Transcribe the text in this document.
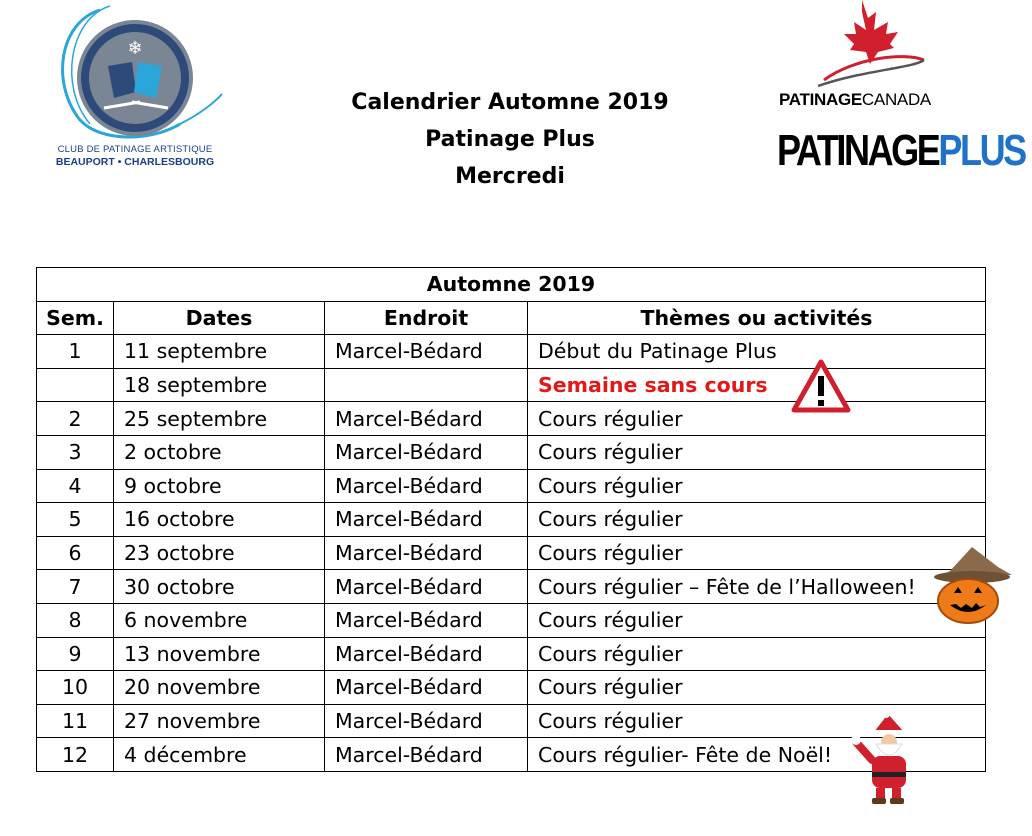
❄
CLUB DE PATINAGE ARTISTIQUE
BEAUPORT • CHARLESBOURG
Calendrier Automne 2019
Patinage Plus
Mercredi
PATINAGECANADA
PATINAGEPLUS
Automne 2019			
Sem.	Dates	Endroit	Thèmes ou activités
1	11 septembre	Marcel-Bédard	Début du Patinage Plus
	18 septembre		Semaine sans cours
2	25 septembre	Marcel-Bédard	Cours régulier
3	2 octobre	Marcel-Bédard	Cours régulier
4	9 octobre	Marcel-Bédard	Cours régulier
5	16 octobre	Marcel-Bédard	Cours régulier
6	23 octobre	Marcel-Bédard	Cours régulier
7	30 octobre	Marcel-Bédard	Cours régulier – Fête de l’Halloween!
8	6 novembre	Marcel-Bédard	Cours régulier
9	13 novembre	Marcel-Bédard	Cours régulier
10	20 novembre	Marcel-Bédard	Cours régulier
11	27 novembre	Marcel-Bédard	Cours régulier
12	4 décembre	Marcel-Bédard	Cours régulier- Fête de Noël!
